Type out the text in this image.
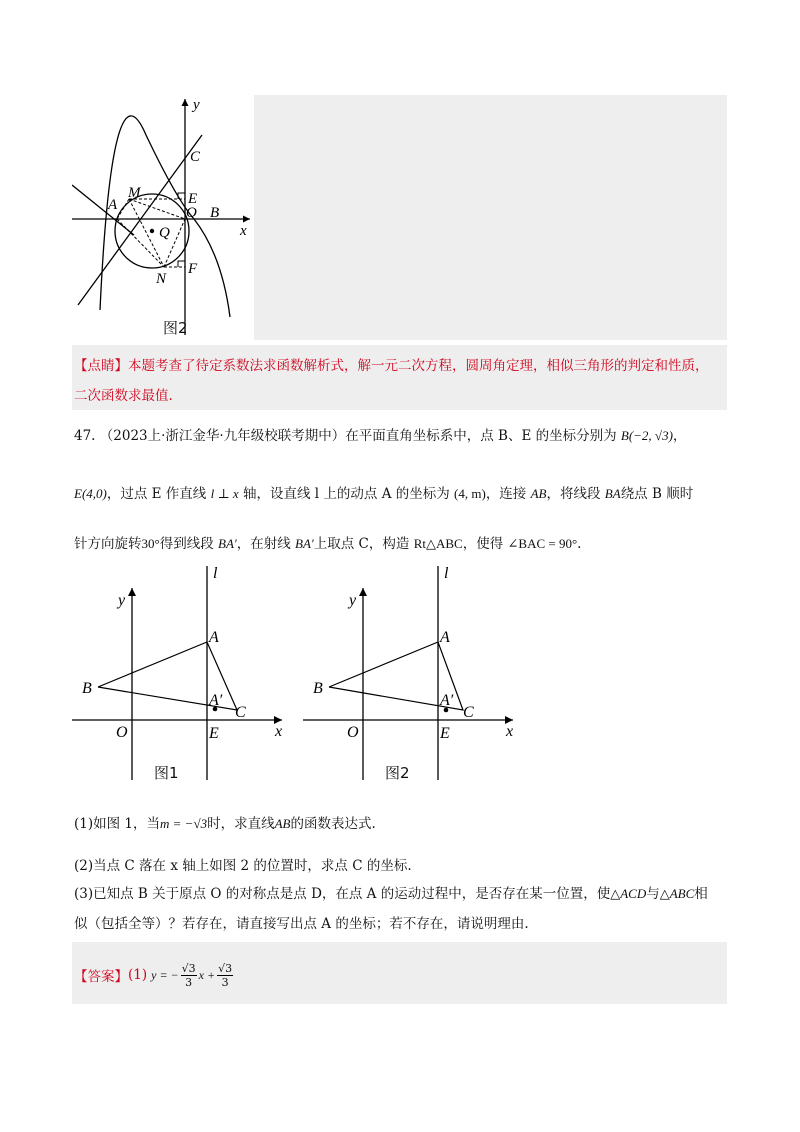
y
x
C
M	E
A	O B
Q
N
F
图2
【点睛】本题考查了待定系数法求函数解析式，解一元二次方程，圆周角定理，相似三角形的判定和性质，
二次函数求最值.
47. （2023上·浙江金华·九年级校联考期中）在平面直角坐标系中，点 B、E 的坐标分别为 B(−2, √3)，
E(4,0)，过点 E 作直线 l ⊥ x 轴，设直线 l 上的动点 A 的坐标为 (4, m)，连接 AB，将线段 BA绕点 B 顺时
针方向旋转30°得到线段 BA′，在射线 BA′上取点 C，构造 Rt△ABC，使得 ∠BAC = 90°.
l
y
A
B
A′
C
O	E	x
图1
l
y
A
B
A′
C
O	E	x
图2
(1)如图 1，当m = −√3时，求直线AB的函数表达式.
(2)当点 C 落在 x 轴上如图 2 的位置时，求点 C 的坐标.
(3)已知点 B 关于原点 O 的对称点是点 D，在点 A 的运动过程中，是否存在某一位置，使△ACD与△ABC相
似（包括全等）？若存在，请直接写出点 A 的坐标；若不存在，请说明理由.
【答案】 (1) y = − $\frac{√3}{3}$ $x + \frac{√3}{3}$
